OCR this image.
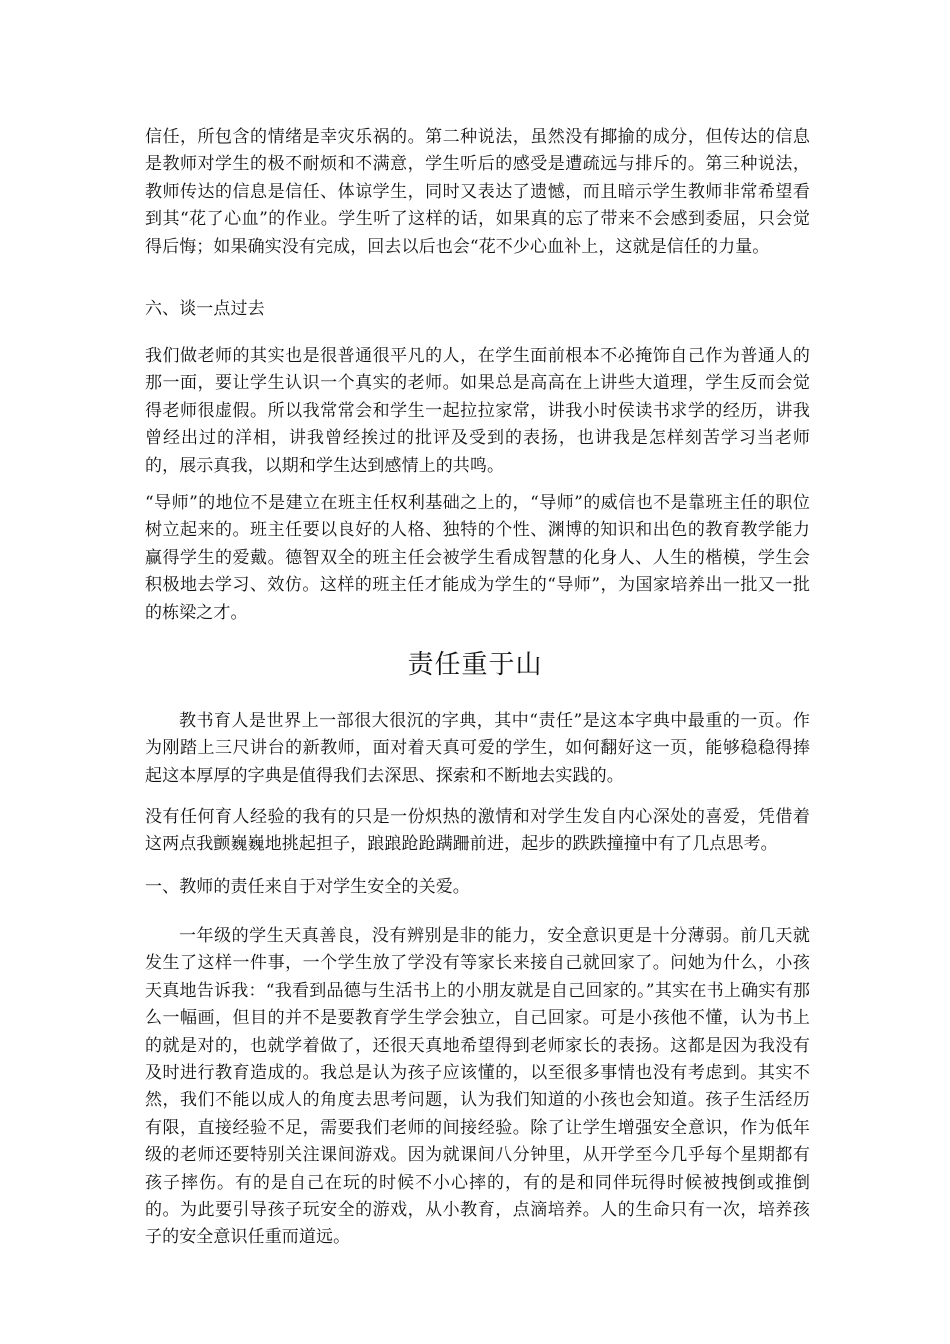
信任，所包含的情绪是幸灾乐祸的。第二种说法，虽然没有揶揄的成分，但传达的信息是教师对学生的极不耐烦和不满意，学生听后的感受是遭疏远与排斥的。第三种说法，教师传达的信息是信任、体谅学生，同时又表达了遗憾，而且暗示学生教师非常希望看到其“花了心血”的作业。学生听了这样的话，如果真的忘了带来不会感到委屈，只会觉得后悔；如果确实没有完成，回去以后也会“花不少心血补上，这就是信任的力量。

六、谈一点过去

我们做老师的其实也是很普通很平凡的人，在学生面前根本不必掩饰自己作为普通人的那一面，要让学生认识一个真实的老师。如果总是高高在上讲些大道理，学生反而会觉得老师很虚假。所以我常常会和学生一起拉拉家常，讲我小时侯读书求学的经历，讲我曾经出过的洋相，讲我曾经挨过的批评及受到的表扬，也讲我是怎样刻苦学习当老师的，展示真我，以期和学生达到感情上的共鸣。

“导师”的地位不是建立在班主任权利基础之上的，“导师”的威信也不是靠班主任的职位树立起来的。班主任要以良好的人格、独特的个性、渊博的知识和出色的教育教学能力赢得学生的爱戴。德智双全的班主任会被学生看成智慧的化身人、人生的楷模，学生会积极地去学习、效仿。这样的班主任才能成为学生的“导师”，为国家培养出一批又一批的栋梁之才。

责任重于山

教书育人是世界上一部很大很沉的字典，其中“责任”是这本字典中最重的一页。作为刚踏上三尺讲台的新教师，面对着天真可爱的学生，如何翻好这一页，能够稳稳得捧起这本厚厚的字典是值得我们去深思、探索和不断地去实践的。

没有任何育人经验的我有的只是一份炽热的激情和对学生发自内心深处的喜爱，凭借着这两点我颤巍巍地挑起担子，踉踉跄跄蹒跚前进，起步的跌跌撞撞中有了几点思考。

一、教师的责任来自于对学生安全的关爱。

一年级的学生天真善良，没有辨别是非的能力，安全意识更是十分薄弱。前几天就发生了这样一件事，一个学生放了学没有等家长来接自己就回家了。问她为什么，小孩天真地告诉我：“我看到品德与生活书上的小朋友就是自己回家的。”其实在书上确实有那么一幅画，但目的并不是要教育学生学会独立，自己回家。可是小孩他不懂，认为书上的就是对的，也就学着做了，还很天真地希望得到老师家长的表扬。这都是因为我没有及时进行教育造成的。我总是认为孩子应该懂的，以至很多事情也没有考虑到。其实不然，我们不能以成人的角度去思考问题，认为我们知道的小孩也会知道。孩子生活经历有限，直接经验不足，需要我们老师的间接经验。除了让学生增强安全意识，作为低年级的老师还要特别关注课间游戏。因为就课间八分钟里，从开学至今几乎每个星期都有孩子摔伤。有的是自己在玩的时候不小心摔的，有的是和同伴玩得时候被拽倒或推倒的。为此要引导孩子玩安全的游戏，从小教育，点滴培养。人的生命只有一次，培养孩子的安全意识任重而道远。
